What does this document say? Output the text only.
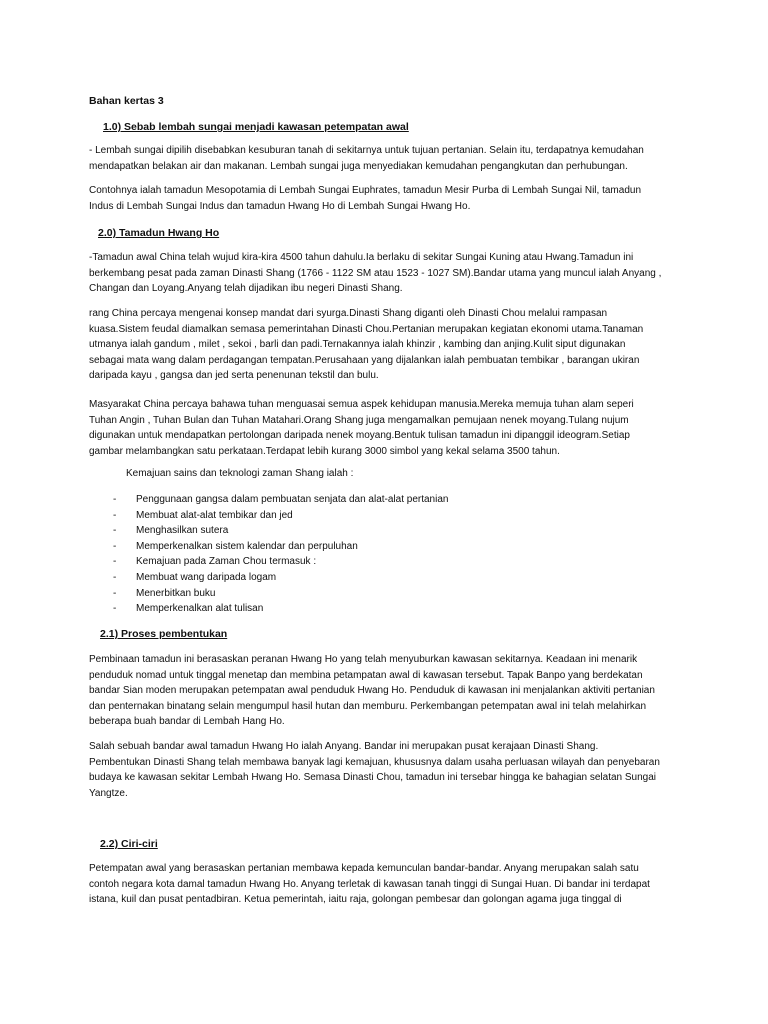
Bahan kertas 3
1.0) Sebab lembah sungai menjadi kawasan petempatan awal

- Lembah sungai dipilih disebabkan kesuburan tanah di sekitarnya untuk tujuan pertanian. Selain itu, terdapatnya kemudahan
mendapatkan belakan air dan makanan. Lembah sungai juga menyediakan kemudahan pengangkutan dan perhubungan.

Contohnya ialah tamadun Mesopotamia di Lembah Sungai Euphrates, tamadun Mesir Purba di Lembah Sungai Nil, tamadun
Indus di Lembah Sungai Indus dan tamadun Hwang Ho di Lembah Sungai Hwang Ho.

2.0) Tamadun Hwang Ho

-Tamadun awal China telah wujud kira-kira 4500 tahun dahulu.Ia berlaku di sekitar Sungai Kuning atau Hwang.Tamadun ini
berkembang pesat pada zaman Dinasti Shang (1766 - 1122 SM atau 1523 - 1027 SM).Bandar utama yang muncul ialah Anyang ,
Changan dan Loyang.Anyang telah dijadikan ibu negeri Dinasti Shang.

rang China percaya mengenai konsep mandat dari syurga.Dinasti Shang diganti oleh Dinasti Chou melalui rampasan
kuasa.Sistem feudal diamalkan semasa pemerintahan Dinasti Chou.Pertanian merupakan kegiatan ekonomi utama.Tanaman
utmanya ialah gandum , milet , sekoi , barli dan padi.Ternakannya ialah khinzir , kambing dan anjing.Kulit siput digunakan
sebagai mata wang dalam perdagangan tempatan.Perusahaan yang dijalankan ialah pembuatan tembikar , barangan ukiran
daripada kayu , gangsa dan jed serta penenunan tekstil dan bulu.

Masyarakat China percaya bahawa tuhan menguasai semua aspek kehidupan manusia.Mereka memuja tuhan alam seperi
Tuhan Angin , Tuhan Bulan dan Tuhan Matahari.Orang Shang juga mengamalkan pemujaan nenek moyang.Tulang nujum
digunakan untuk mendapatkan pertolongan daripada nenek moyang.Bentuk tulisan tamadun ini dipanggil ideogram.Setiap
gambar melambangkan satu perkataan.Terdapat lebih kurang 3000 simbol yang kekal selama 3500 tahun.

Kemajuan sains dan teknologi zaman Shang ialah :
- Penggunaan gangsa dalam pembuatan senjata dan alat-alat pertanian
- Membuat alat-alat tembikar dan jed
- Menghasilkan sutera
- Memperkenalkan sistem kalendar dan perpuluhan
- Kemajuan pada Zaman Chou termasuk :
- Membuat wang daripada logam
- Menerbitkan buku
- Memperkenalkan alat tulisan
2.1) Proses pembentukan

Pembinaan tamadun ini berasaskan peranan Hwang Ho yang telah menyuburkan kawasan sekitarnya. Keadaan ini menarik
penduduk nomad untuk tinggal menetap dan membina petampatan awal di kawasan tersebut. Tapak Banpo yang berdekatan
bandar Sian moden merupakan petempatan awal penduduk Hwang Ho. Penduduk di kawasan ini menjalankan aktiviti pertanian
dan penternakan binatang selain mengumpul hasil hutan dan memburu. Perkembangan petempatan awal ini telah melahirkan
beberapa buah bandar di Lembah Hang Ho.

Salah sebuah bandar awal tamadun Hwang Ho ialah Anyang. Bandar ini merupakan pusat kerajaan Dinasti Shang.
Pembentukan Dinasti Shang telah membawa banyak lagi kemajuan, khususnya dalam usaha perluasan wilayah dan penyebaran
budaya ke kawasan sekitar Lembah Hwang Ho. Semasa Dinasti Chou, tamadun ini tersebar hingga ke bahagian selatan Sungai
Yangtze.

2.2) Ciri-ciri

Petempatan awal yang berasaskan pertanian membawa kepada kemunculan bandar-bandar. Anyang merupakan salah satu
contoh negara kota damal tamadun Hwang Ho. Anyang terletak di kawasan tanah tinggi di Sungai Huan. Di bandar ini terdapat
istana, kuil dan pusat pentadbiran. Ketua pemerintah, iaitu raja, golongan pembesar dan golongan agama juga tinggal di
